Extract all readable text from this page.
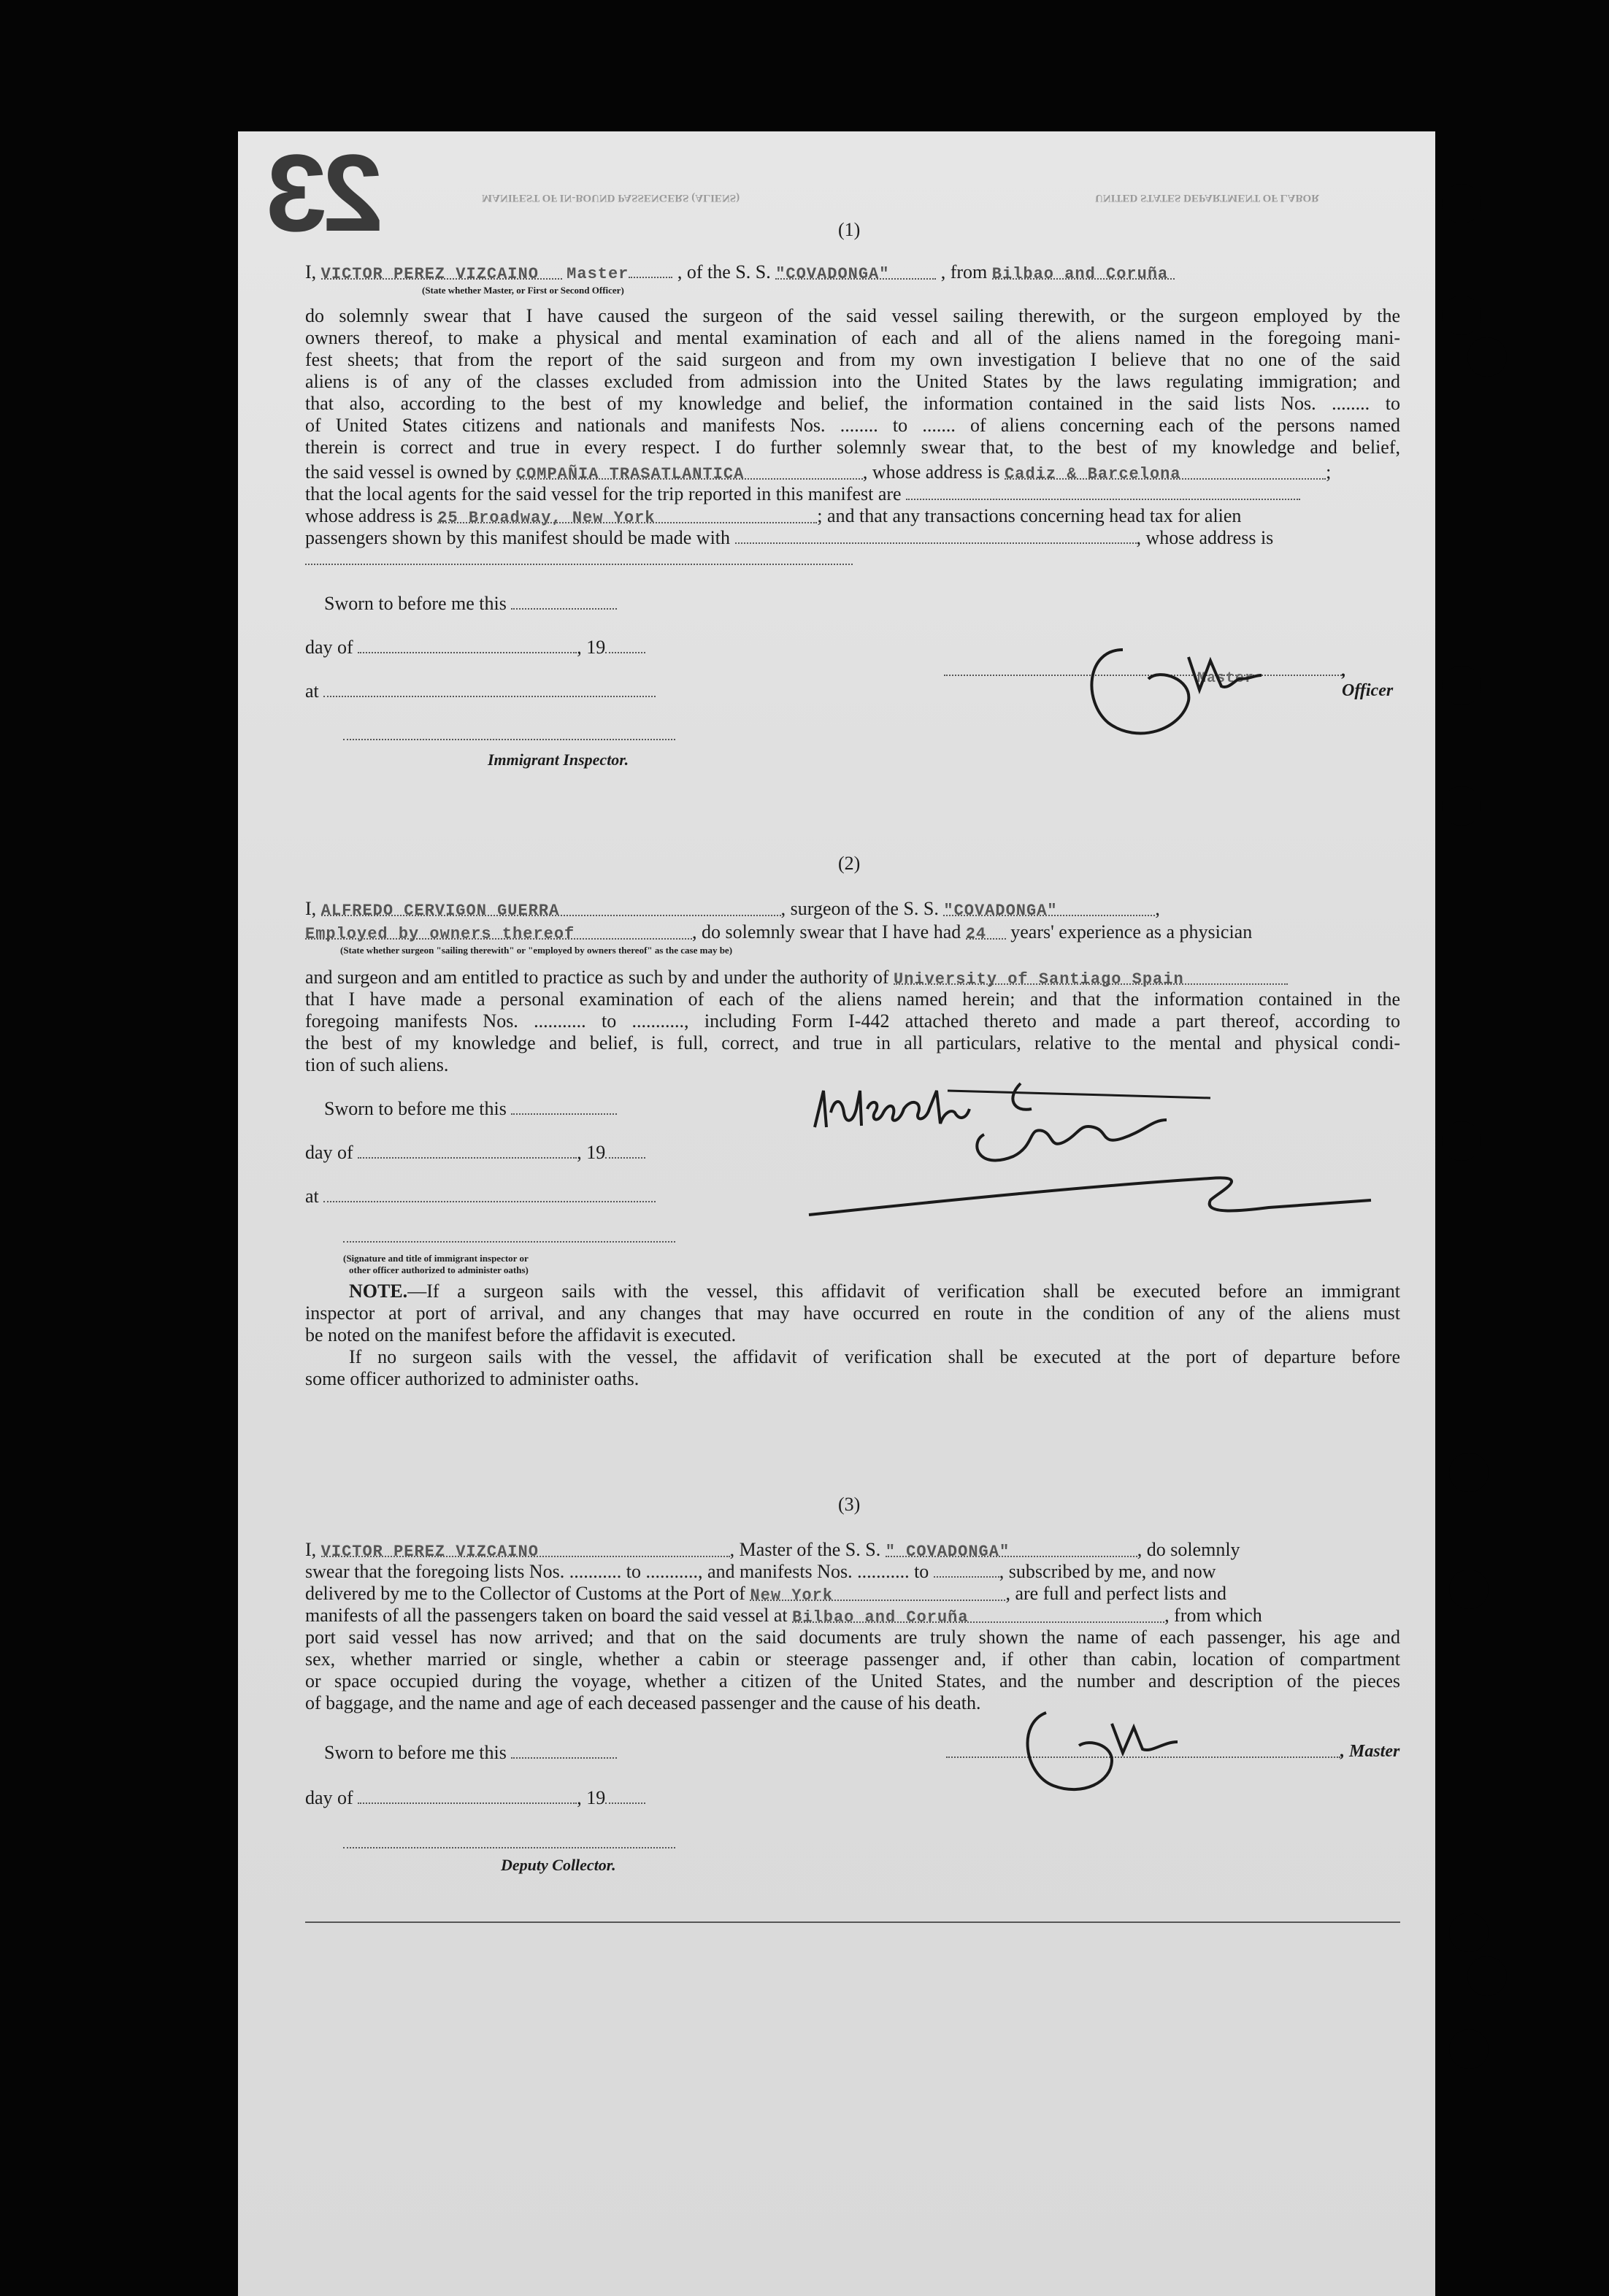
MANIFEST OF IN-BOUND PASSENGERS (ALIENS)	UNITED STATES DEPARTMENT OF LABOR
23	(1)
I, VICTOR PEREZ VIZCAINO Master	, of the S. S. "COVADONGA"	, from Bilbao and Coruña
(State whether Master, or First or Second Officer)
do solemnly swear that I have caused the surgeon of the said vessel sailing therewith, or the surgeon employed by the
owners thereof, to make a physical and mental examination of each and all of the aliens named in the foregoing mani-
fest sheets; that from the report of the said surgeon and from my own investigation I believe that no one of the said
aliens is of any of the classes excluded from admission into the United States by the laws regulating immigration; and
that also, according to the best of my knowledge and belief, the information contained in the said lists Nos. ........ to
of United States citizens and nationals and manifests Nos. ........ to ....... of aliens concerning each of the persons named
therein is correct and true in every respect. I do further solemnly swear that, to the best of my knowledge and belief,
the said vessel is owned by COMPAÑIA TRASATLANTICA	, whose address is Cadiz & Barcelona	;
that the local agents for the said vessel for the trip reported in this manifest are
whose address is 25 Broadway, New York	; and that any transactions concerning head tax for alien
passengers shown by this manifest should be made with	, whose address is
Sworn to before me this
day of	, 19
at
Immigrant Inspector.
, Officer
Master
(2)
I, ALFREDO CERVIGON GUERRA	, surgeon of the S. S. "COVADONGA"	,
Employed by owners thereof	, do solemnly swear that I have had 24 years' experience as a physician
(State whether surgeon "sailing therewith" or "employed by owners thereof" as the case may be)
and surgeon and am entitled to practice as such by and under the authority of University of Santiago Spain
that I have made a personal examination of each of the aliens named herein; and that the information contained in the
foregoing manifests Nos. ........... to ..........., including Form I-442 attached thereto and made a part thereof, according to
the best of my knowledge and belief, is full, correct, and true in all particulars, relative to the mental and physical condi-
tion of such aliens.
Sworn to before me this
day of	, 19
at
(Signature and title of immigrant inspector or
other officer authorized to administer oaths)
NOTE.—If a surgeon sails with the vessel, this affidavit of verification shall be executed before an immigrant
inspector at port of arrival, and any changes that may have occurred en route in the condition of any of the aliens must
be noted on the manifest before the affidavit is executed.
If no surgeon sails with the vessel, the affidavit of verification shall be executed at the port of departure before
some officer authorized to administer oaths.
(3)
I, VICTOR PEREZ VIZCAINO	, Master of the S. S. " COVADONGA"	, do solemnly
swear that the foregoing lists Nos. ........... to ..........., and manifests Nos. ........... to	, subscribed by me, and now
delivered by me to the Collector of Customs at the Port of New York	, are full and perfect lists and
manifests of all the passengers taken on board the said vessel at Bilbao and Coruña	, from which
port said vessel has now arrived; and that on the said documents are truly shown the name of each passenger, his age and
sex, whether married or single, whether a cabin or steerage passenger and, if other than cabin, location of compartment
or space occupied during the voyage, whether a citizen of the United States, and the number and description of the pieces
of baggage, and the name and age of each deceased passenger and the cause of his death.
Sworn to before me this	, Master
day of	, 19
Deputy Collector.
